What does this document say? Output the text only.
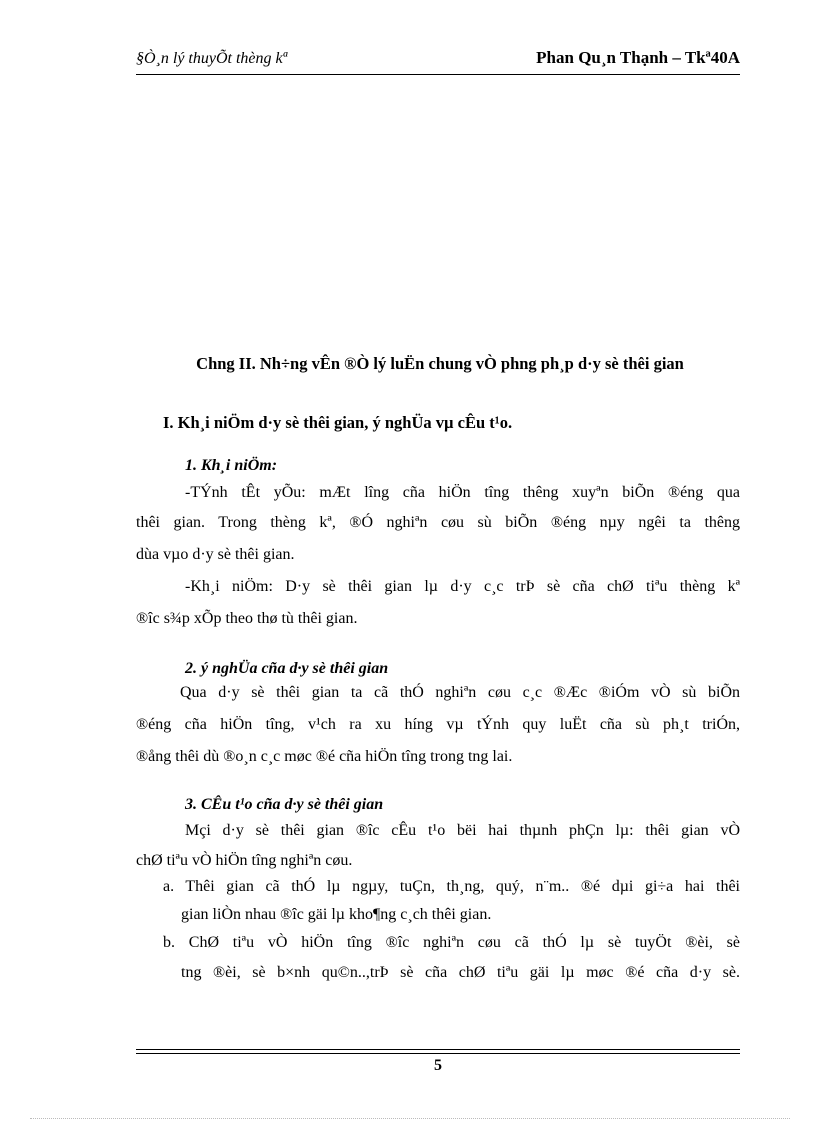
§Ò¸n lý thuyÕt thèng kª	Phan Qu¸n Thạnh – Tkª40A
Chng II. Nh÷ng vÊn ®Ò lý luËn chung vÒ phng ph¸p d·y sè thêi gian
I. Kh¸i niÖm d·y sè thêi gian, ý nghÜa vµ cÊu t¹o.
1. Kh¸i niÖm:
-TÝnh tÊt yÕu: mÆt lîng cña hiÖn tîng thêng xuyªn biÕn ®éng qua
thêi gian. Trong thèng kª, ®Ó nghiªn cøu sù biÕn ®éng nµy ngêi ta thêng
dùa vµo d·y sè thêi gian.
-Kh¸i niÖm: D·y sè thêi gian lµ d·y c¸c trÞ sè cña chØ tiªu thèng kª
®îc s¾p xÕp theo thø tù thêi gian.
2. ý nghÜa cña d·y sè thêi gian
Qua d·y sè thêi gian ta cã thÓ nghiªn cøu c¸c ®Æc ®iÓm vÒ sù biÕn
®éng cña hiÖn tîng, v¹ch ra xu híng vµ tÝnh quy luËt cña sù ph¸t triÓn,
®ång thêi dù ®o¸n c¸c møc ®é cña hiÖn tîng trong tng lai.
3. CÊu t¹o cña d·y sè thêi gian
Mçi d·y sè thêi gian ®îc cÊu t¹o bëi hai thµnh phÇn lµ: thêi gian vÒ
chØ tiªu vÒ hiÖn tîng nghiªn cøu.
a. Thêi gian cã thÓ lµ ngµy, tuÇn, th¸ng, quý, n¨m.. ®é dµi gi÷a hai thêi
gian liÒn nhau ®îc gäi lµ kho¶ng c¸ch thêi gian.
b. ChØ tiªu vÒ hiÖn tîng ®îc nghiªn cøu cã thÓ lµ sè tuyÖt ®èi, sè
tng ®èi, sè b×nh qu©n..,trÞ sè cña chØ tiªu gäi lµ møc ®é cña d·y sè.
5
